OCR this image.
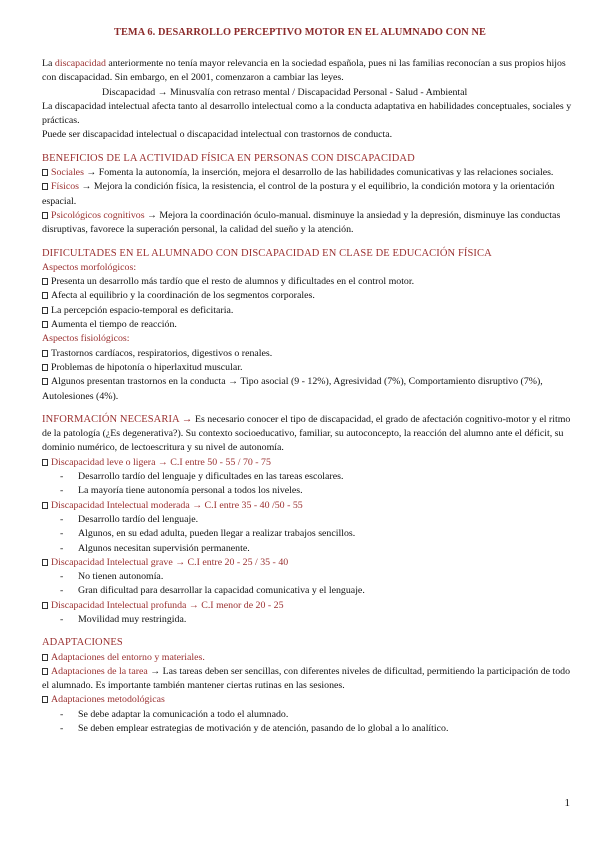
TEMA 6. DESARROLLO PERCEPTIVO MOTOR EN EL ALUMNADO CON NE

La discapacidad anteriormente no tenía mayor relevancia en la sociedad española, pues ni las familias reconocían a sus propios hijos con discapacidad. Sin embargo, en el 2001, comenzaron a cambiar las leyes.

Discapacidad → Minusvalía con retraso mental / Discapacidad Personal - Salud - Ambiental

La discapacidad intelectual afecta tanto al desarrollo intelectual como a la conducta adaptativa en habilidades conceptuales, sociales y prácticas.

Puede ser discapacidad intelectual o discapacidad intelectual con trastornos de conducta.

BENEFICIOS DE LA ACTIVIDAD FÍSICA EN PERSONAS CON DISCAPACIDAD

Sociales → Fomenta la autonomía, la inserción, mejora el desarrollo de las habilidades comunicativas y las relaciones sociales.

Físicos → Mejora la condición física, la resistencia, el control de la postura y el equilibrio, la condición motora y la orientación espacial.

Psicológicos cognitivos → Mejora la coordinación óculo-manual. disminuye la ansiedad y la depresión, disminuye las conductas disruptivas, favorece la superación personal, la calidad del sueño y la atención.

DIFICULTADES EN EL ALUMNADO CON DISCAPACIDAD EN CLASE DE EDUCACIÓN FÍSICA

Aspectos morfológicos:

Presenta un desarrollo más tardío que el resto de alumnos y dificultades en el control motor.

Afecta al equilibrio y la coordinación de los segmentos corporales.

La percepción espacio-temporal es deficitaria.

Aumenta el tiempo de reacción.

Aspectos fisiológicos:

Trastornos cardíacos, respiratorios, digestivos o renales.

Problemas de hipotonía o hiperlaxitud muscular.

Algunos presentan trastornos en la conducta → Tipo asocial (9 - 12%), Agresividad (7%), Comportamiento disruptivo (7%), Autolesiones (4%).

INFORMACIÓN NECESARIA → Es necesario conocer el tipo de discapacidad, el grado de afectación cognitivo-motor y el ritmo de la patología (¿Es degenerativa?). Su contexto socioeducativo, familiar, su autoconcepto, la reacción del alumno ante el déficit, su dominio numérico, de lectoescritura y su nivel de autonomía.

Discapacidad leve o ligera → C.I entre 50 - 55 / 70 - 75

- Desarrollo tardío del lenguaje y dificultades en las tareas escolares.
- La mayoría tiene autonomía personal a todos los niveles.

Discapacidad Intelectual moderada → C.I entre 35 - 40 /50 - 55

- Desarrollo tardío del lenguaje.
- Algunos, en su edad adulta, pueden llegar a realizar trabajos sencillos.
- Algunos necesitan supervisión permanente.

Discapacidad Intelectual grave → C.I entre 20 - 25 / 35 - 40

- No tienen autonomía.
- Gran dificultad para desarrollar la capacidad comunicativa y el lenguaje.

Discapacidad Intelectual profunda → C.I menor de 20 - 25

- Movilidad muy restringida.

ADAPTACIONES

Adaptaciones del entorno y materiales.

Adaptaciones de la tarea → Las tareas deben ser sencillas, con diferentes niveles de dificultad, permitiendo la participación de todo el alumnado. Es importante también mantener ciertas rutinas en las sesiones.

Adaptaciones metodológicas

- Se debe adaptar la comunicación a todo el alumnado.
- Se deben emplear estrategias de motivación y de atención, pasando de lo global a lo analítico.
1
